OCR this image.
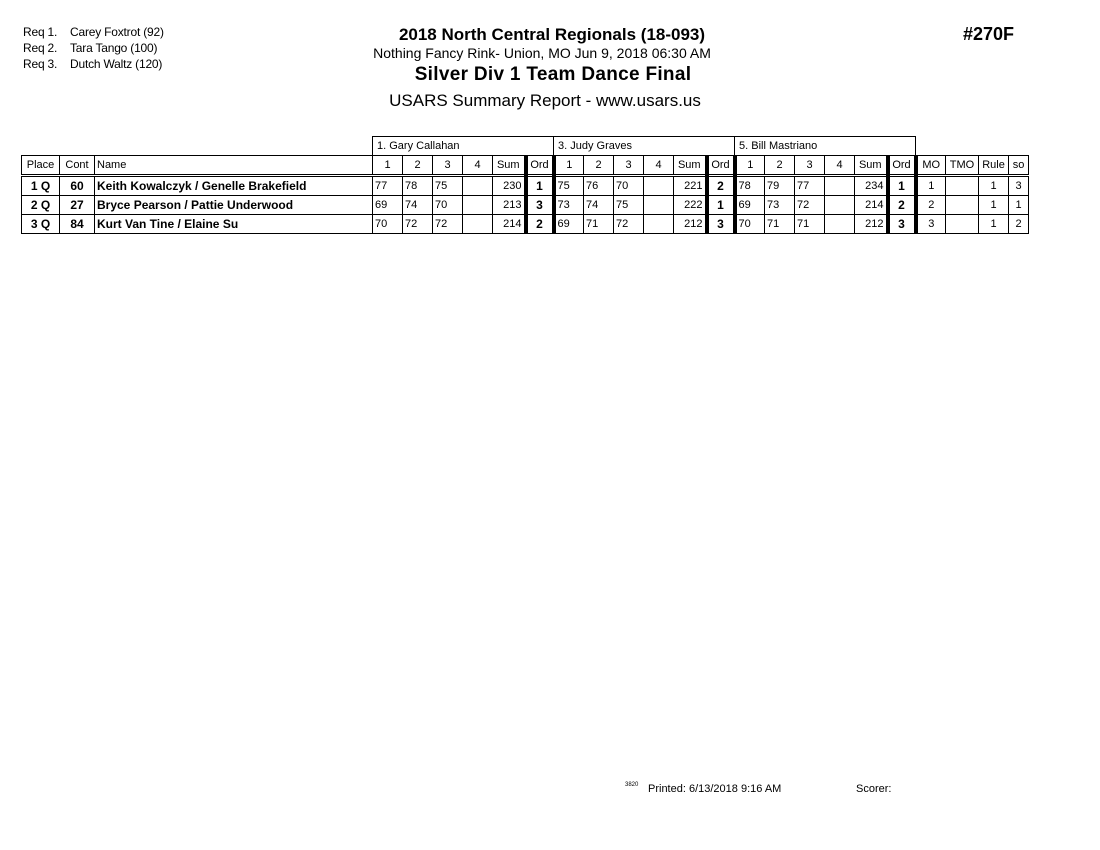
Req 1. Carey Foxtrot (92)
Req 2. Tara Tango (100)
Req 3. Dutch Waltz (120)
2018 North Central Regionals (18-093)
Nothing Fancy Rink- Union, MO Jun 9, 2018 06:30 AM
Silver Div 1 Team Dance Final
USARS Summary Report - www.usars.us
#270F
			1. Gary Callahan						3. Judy Graves						5. Bill Mastriano									
Place	Cont	Name	1	2	3	4	Sum	Ord	1	2	3	4	Sum	Ord	1	2	3	4	Sum	Ord	MO	TMO	Rule	so
1 Q	60	Keith Kowalczyk / Genelle Brakefield	77	78	75		230	1	75	76	70		221	2	78	79	77		234	1	1		1	3
2 Q	27	Bryce Pearson / Pattie Underwood	69	74	70		213	3	73	74	75		222	1	69	73	72		214	2	2		1	1
3 Q	84	Kurt Van Tine / Elaine Su	70	72	72		214	2	69	71	72		212	3	70	71	71		212	3	3		1	2
3820 Printed: 6/13/2018 9:16 AM	Scorer:
